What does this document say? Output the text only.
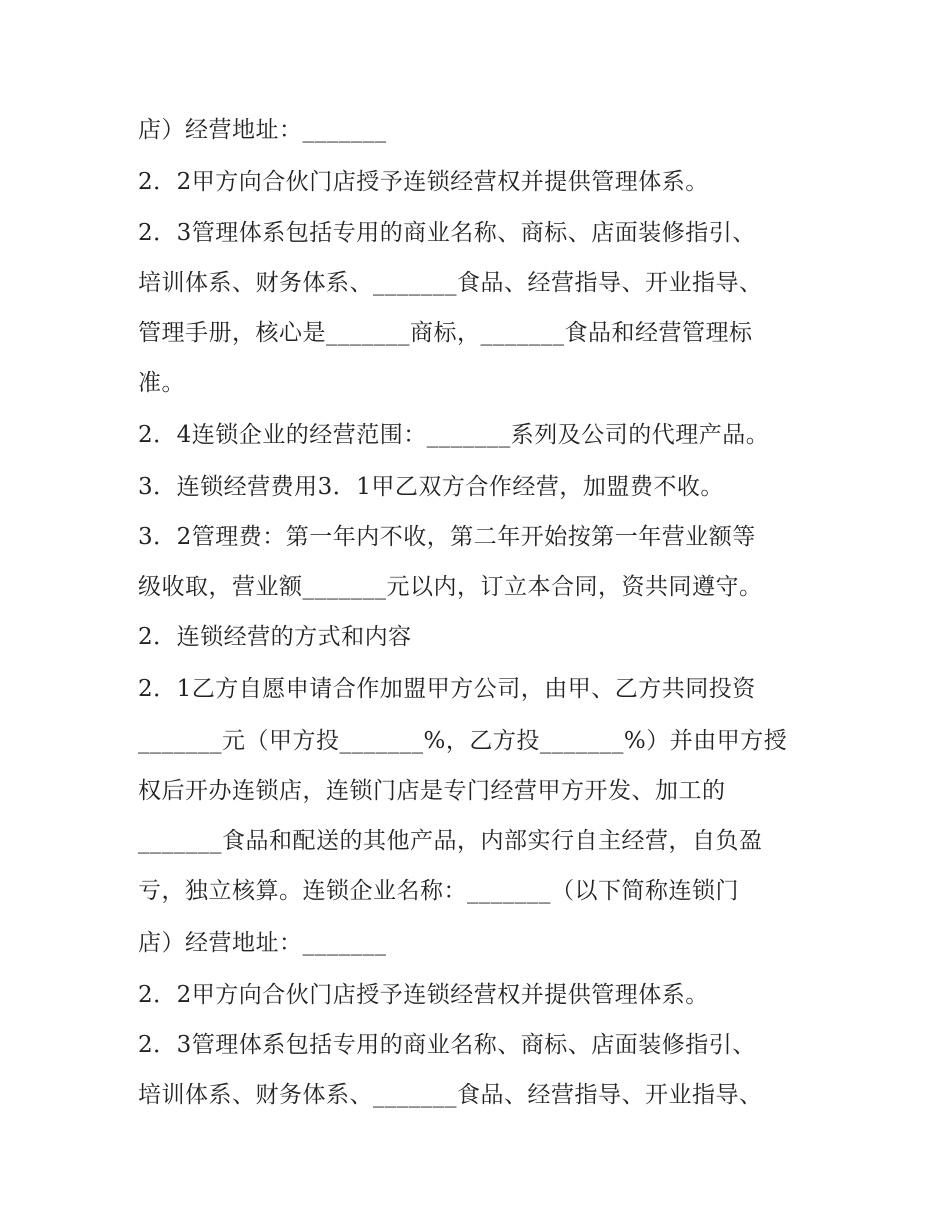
店）经营地址：_______
2．2甲方向合伙门店授予连锁经营权并提供管理体系。
2．3管理体系包括专用的商业名称、商标、店面装修指引、
培训体系、财务体系、_______食品、经营指导、开业指导、
管理手册，核心是_______商标，_______食品和经营管理标
准。
2．4连锁企业的经营范围：_______系列及公司的代理产品。
3．连锁经营费用3．1甲乙双方合作经营，加盟费不收。
3．2管理费：第一年内不收，第二年开始按第一年营业额等
级收取，营业额_______元以内，订立本合同，资共同遵守。
2．连锁经营的方式和内容
2．1乙方自愿申请合作加盟甲方公司，由甲、乙方共同投资
_______元（甲方投_______%，乙方投_______%）并由甲方授
权后开办连锁店，连锁门店是专门经营甲方开发、加工的
_______食品和配送的其他产品，内部实行自主经营，自负盈
亏，独立核算。连锁企业名称：_______（以下简称连锁门
店）经营地址：_______
2．2甲方向合伙门店授予连锁经营权并提供管理体系。
2．3管理体系包括专用的商业名称、商标、店面装修指引、
培训体系、财务体系、_______食品、经营指导、开业指导、
